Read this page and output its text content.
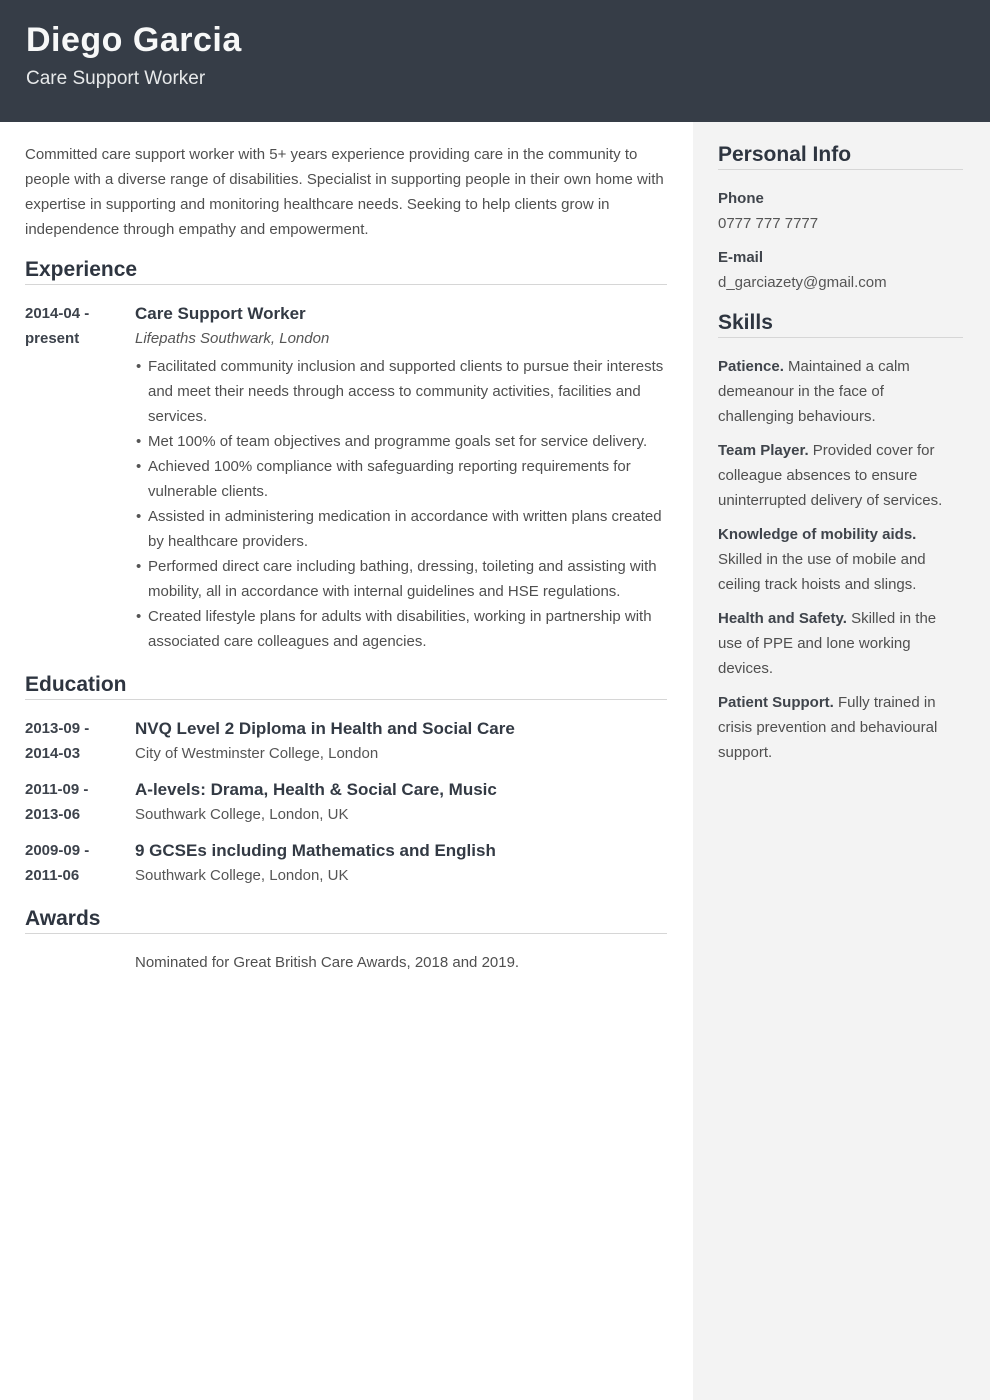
Diego Garcia
Care Support Worker

Committed care support worker with 5+ years experience providing care in the community to people with a diverse range of disabilities. Specialist in supporting people in their own home with expertise in supporting and monitoring healthcare needs. Seeking to help clients grow in independence through empathy and empowerment.

Experience
2014-04 -
present
Care Support Worker
Lifepaths Southwark, London
• Facilitated community inclusion and supported clients to pursue their interests and meet their needs through access to community activities, facilities and services.
• Met 100% of team objectives and programme goals set for service delivery.
• Achieved 100% compliance with safeguarding reporting requirements for vulnerable clients.
• Assisted in administering medication in accordance with written plans created by healthcare providers.
• Performed direct care including bathing, dressing, toileting and assisting with mobility, all in accordance with internal guidelines and HSE regulations.
• Created lifestyle plans for adults with disabilities, working in partnership with associated care colleagues and agencies.
Education
2013-09 -
2014-03
NVQ Level 2 Diploma in Health and Social Care
City of Westminster College, London
2011-09 -
2013-06
A-levels: Drama, Health & Social Care, Music
Southwark College, London, UK
2009-09 -
2011-06
9 GCSEs including Mathematics and English
Southwark College, London, UK
Awards
Nominated for Great British Care Awards, 2018 and 2019.
Personal Info
Phone
0777 777 7777
E-mail
d_garciazety@gmail.com
Skills

Patience. Maintained a calm demeanour in the face of challenging behaviours.

Team Player. Provided cover for colleague absences to ensure uninterrupted delivery of services.

Knowledge of mobility aids. Skilled in the use of mobile and ceiling track hoists and slings.

Health and Safety. Skilled in the use of PPE and lone working devices.

Patient Support. Fully trained in crisis prevention and behavioural support.
